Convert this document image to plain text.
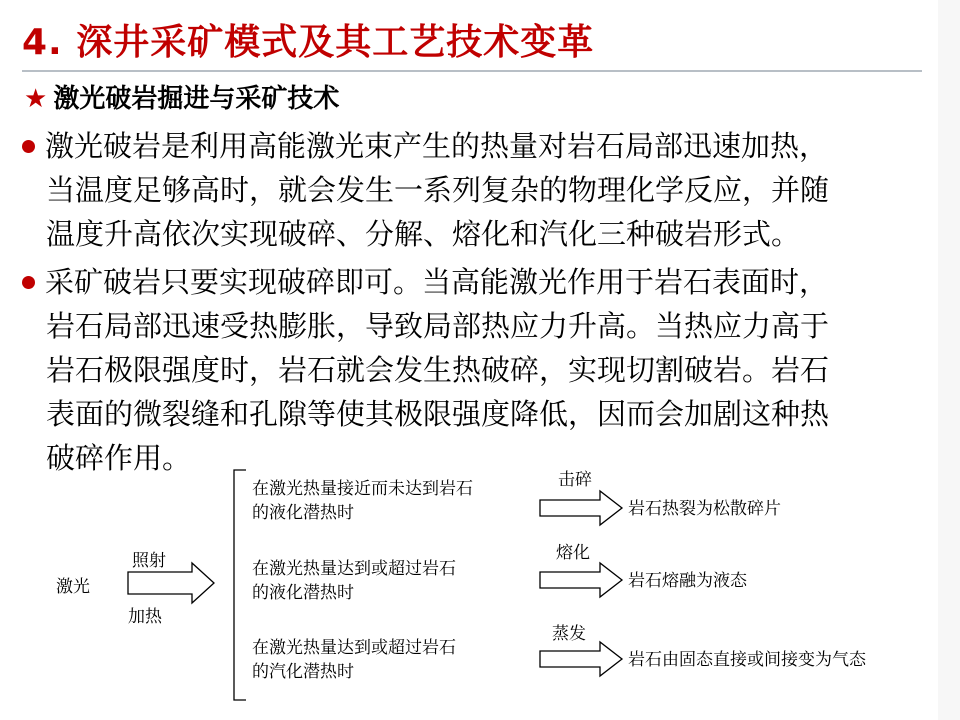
4. 深井采矿模式及其工艺技术变革
★ 激光破岩掘进与采矿技术
激光破岩是利用高能激光束产生的热量对岩石局部迅速加热，
当温度足够高时，就会发生一系列复杂的物理化学反应，并随
温度升高依次实现破碎、分解、熔化和汽化三种破岩形式。
采矿破岩只要实现破碎即可。当高能激光作用于岩石表面时，
岩石局部迅速受热膨胀，导致局部热应力升高。当热应力高于
岩石极限强度时，岩石就会发生热破碎，实现切割破岩。岩石
表面的微裂缝和孔隙等使其极限强度降低，因而会加剧这种热
破碎作用。
激光
照射
加热
在激光热量接近而未达到岩石
的液化潜热时
在激光热量达到或超过岩石
的液化潜热时
在激光热量达到或超过岩石
的汽化潜热时
击碎
熔化
蒸发
岩石热裂为松散碎片
岩石熔融为液态
岩石由固态直接或间接变为气态
